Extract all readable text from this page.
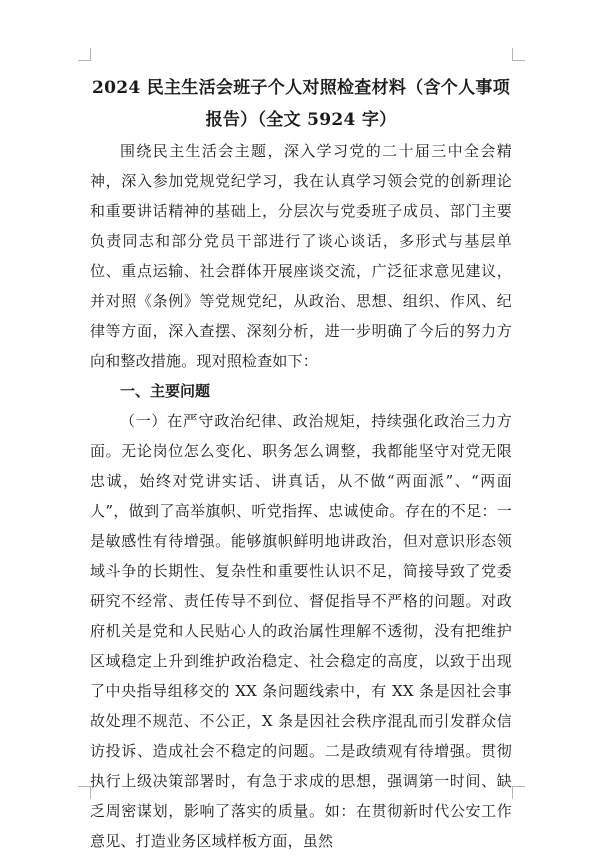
2024 民主生活会班子个人对照检查材料（含个人事项报告）（全文 5924 字）

围绕民主生活会主题，深入学习党的二十届三中全会精神，深入参加党规党纪学习，我在认真学习领会党的创新理论和重要讲话精神的基础上，分层次与党委班子成员、部门主要负责同志和部分党员干部进行了谈心谈话，多形式与基层单位、重点运输、社会群体开展座谈交流，广泛征求意见建议，并对照《条例》等党规党纪，从政治、思想、组织、作风、纪律等方面，深入查摆、深刻分析，进一步明确了今后的努力方向和整改措施。现对照检查如下：

一、主要问题

（一）在严守政治纪律、政治规矩，持续强化政治三力方面。无论岗位怎么变化、职务怎么调整，我都能坚守对党无限忠诚，始终对党讲实话、讲真话，从不做“两面派”、“两面人”，做到了高举旗帜、听党指挥、忠诚使命。存在的不足：一是敏感性有待增强。能够旗帜鲜明地讲政治，但对意识形态领域斗争的长期性、复杂性和重要性认识不足，简接导致了党委研究不经常、责任传导不到位、督促指导不严格的问题。对政府机关是党和人民贴心人的政治属性理解不透彻，没有把维护区域稳定上升到维护政治稳定、社会稳定的高度，以致于出现了中央指导组移交的 XX 条问题线索中，有 XX 条是因社会事故处理不规范、不公正，X 条是因社会秩序混乱而引发群众信访投诉、造成社会不稳定的问题。二是政绩观有待增强。贯彻执行上级决策部署时，有急于求成的思想，强调第一时间、缺乏周密谋划，影响了落实的质量。如：在贯彻新时代公安工作意见、打造业务区域样板方面，虽然
